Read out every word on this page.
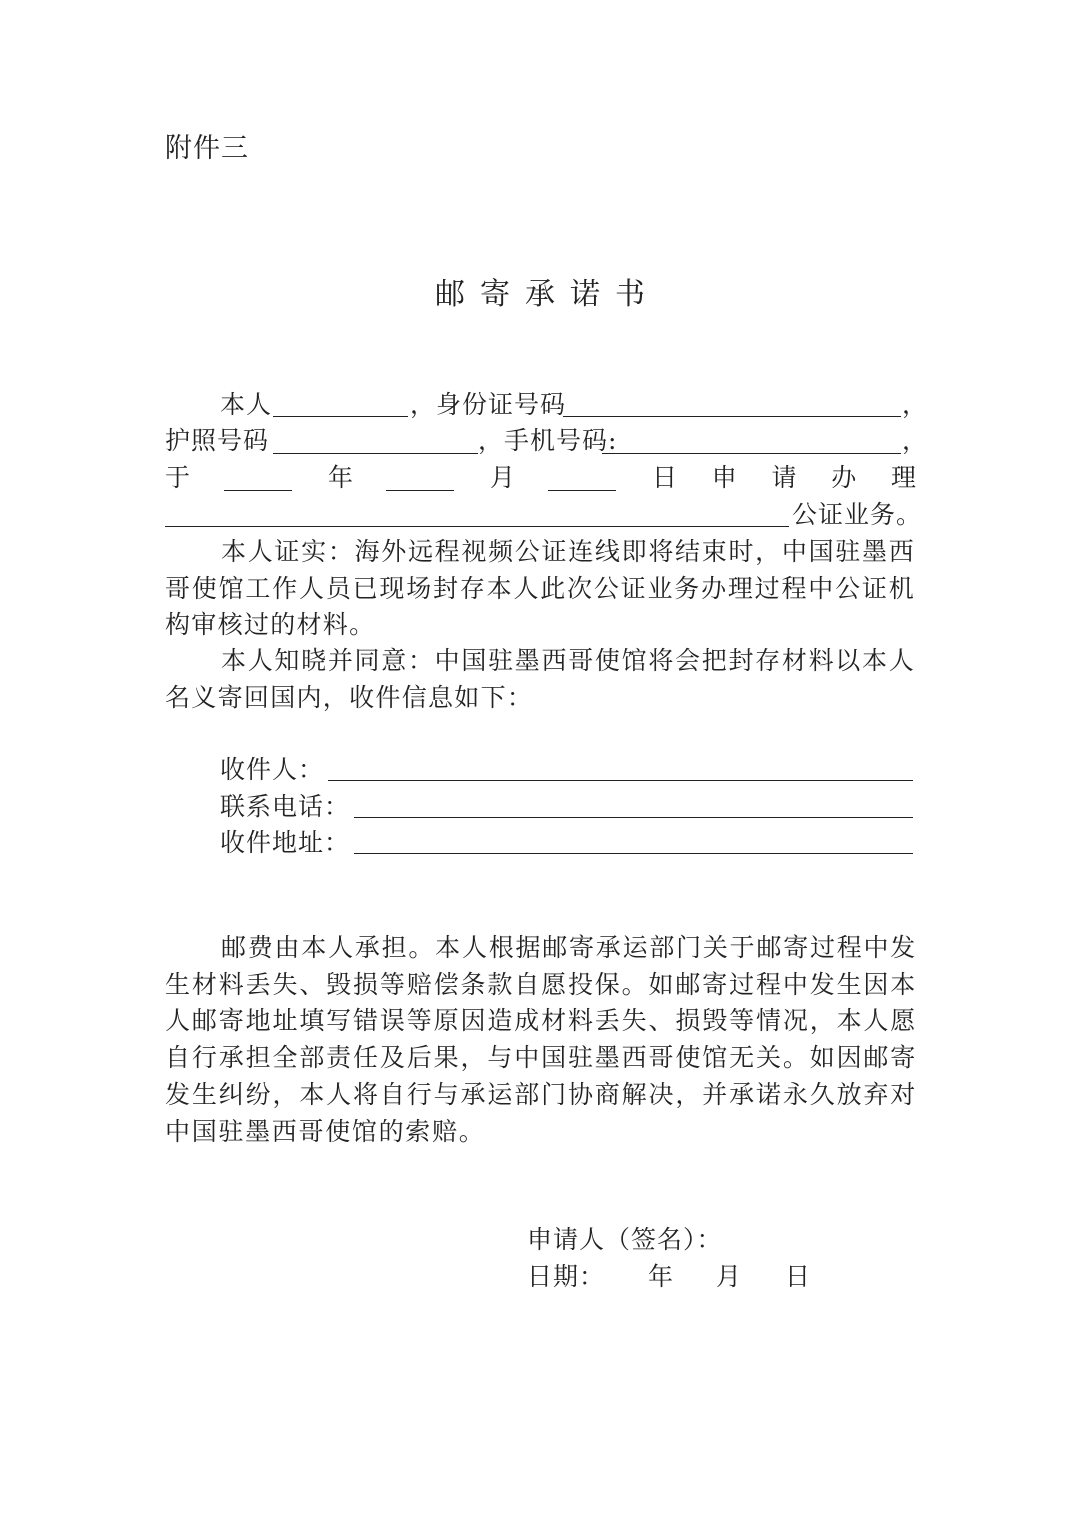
附件三
邮寄承诺书
本人	，身份证号码	，
护照号码	，手机号码:	，
于	年	月	日 申 请 办 理
公证业务。

本人证实：海外远程视频公证连线即将结束时，中国驻墨西哥使馆工作人员已现场封存本人此次公证业务办理过程中公证机构审核过的材料。

本人知晓并同意：中国驻墨西哥使馆将会把封存材料以本人名义寄回国内，收件信息如下：

收件人：
联系电话：
收件地址：

邮费由本人承担。本人根据邮寄承运部门关于邮寄过程中发生材料丢失、毁损等赔偿条款自愿投保。如邮寄过程中发生因本人邮寄地址填写错误等原因造成材料丢失、损毁等情况，本人愿自行承担全部责任及后果，与中国驻墨西哥使馆无关。如因邮寄发生纠纷，本人将自行与承运部门协商解决，并承诺永久放弃对中国驻墨西哥使馆的索赔。

申请人（签名）：
日期： 年 月 日
